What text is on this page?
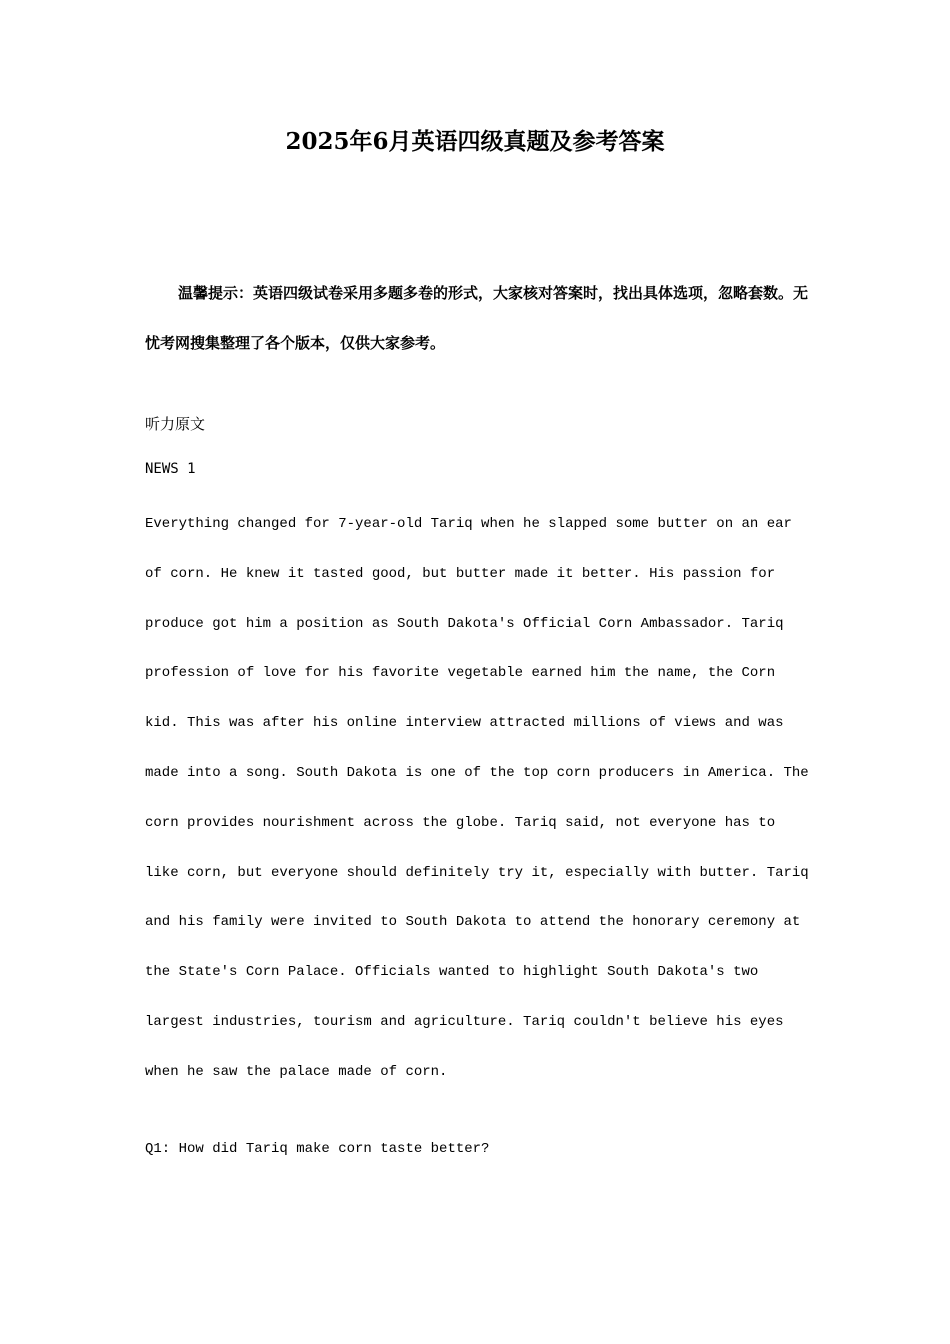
2025年6月英语四级真题及参考答案

温馨提示：英语四级试卷采用多题多卷的形式，大家核对答案时，找出具体选项，忽略套数。无忧考网搜集整理了各个版本，仅供大家参考。

听力原文

NEWS 1

Everything changed for 7-year-old Tariq when he slapped some butter on an ear
of corn. He knew it tasted good, but butter made it better. His passion for
produce got him a position as South Dakota's Official Corn Ambassador. Tariq
profession of love for his favorite vegetable earned him the name, the Corn
kid. This was after his online interview attracted millions of views and was
made into a song. South Dakota is one of the top corn producers in America. The
corn provides nourishment across the globe. Tariq said, not everyone has to
like corn, but everyone should definitely try it, especially with butter. Tariq
and his family were invited to South Dakota to attend the honorary ceremony at
the State's Corn Palace. Officials wanted to highlight South Dakota's two
largest industries, tourism and agriculture. Tariq couldn't believe his eyes
when he saw the palace made of corn.

Q1: How did Tariq make corn taste better?
